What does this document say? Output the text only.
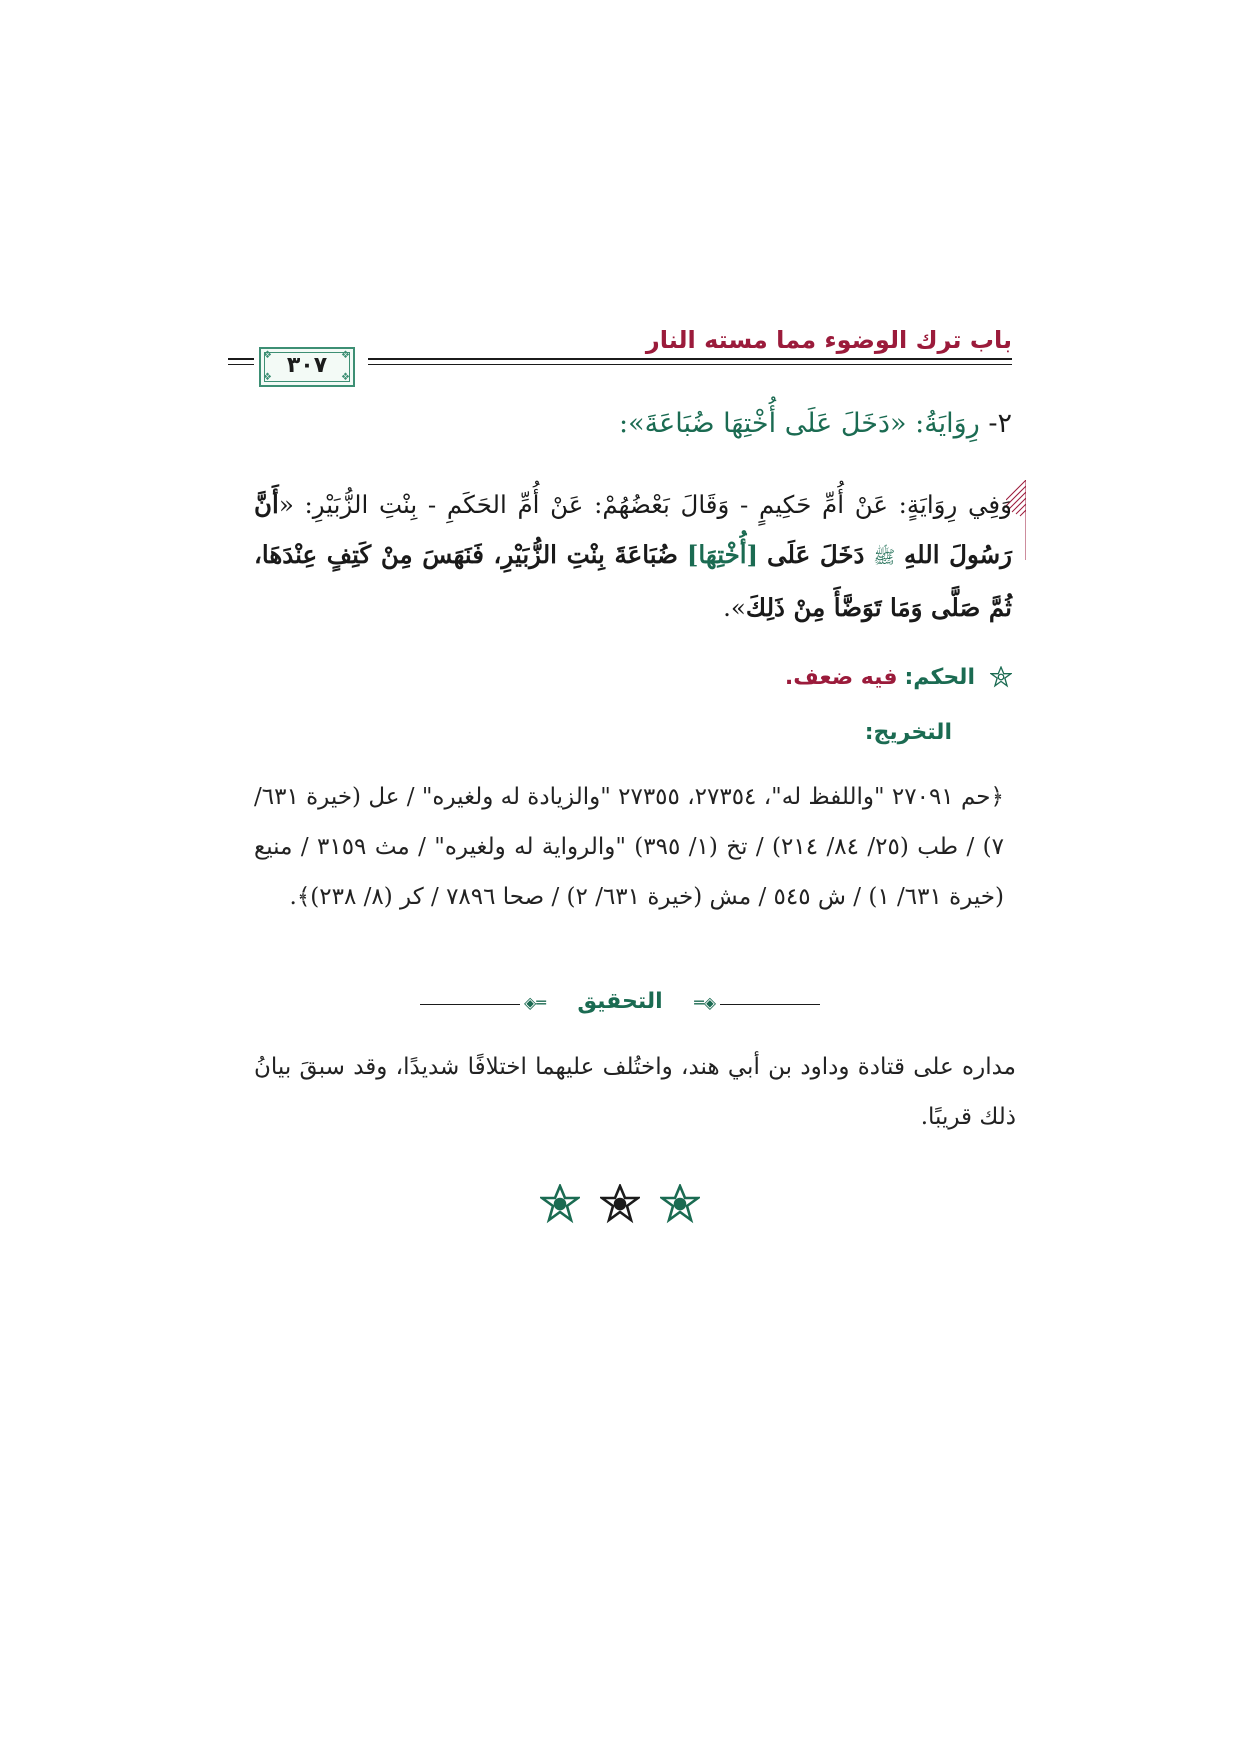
باب ترك الوضوء مما مسته النار
❖	❖
❖	❖
٣٠٧
٢- رِوَايَةُ: «دَخَلَ عَلَى أُخْتِهَا ضُبَاعَةَ»:

وَفِي رِوَايَةٍ: عَنْ أُمِّ حَكِيمٍ - وَقَالَ بَعْضُهُمْ: عَنْ أُمِّ الحَكَمِ - بِنْتِ الزُّبَيْرِ: «أَنَّ رَسُولَ اللهِ ﷺ دَخَلَ عَلَى [أُخْتِهَا] ضُبَاعَةَ بِنْتِ الزُّبَيْرِ، فَنَهَسَ مِنْ كَتِفٍ عِنْدَهَا، ثُمَّ صَلَّى وَمَا تَوَضَّأَ مِنْ ذَلِكَ».

الحكم: فيه ضعف.
التخريج:

﴿حم ٢٧٠٩١ "واللفظ له"، ٢٧٣٥٤، ٢٧٣٥٥ "والزيادة له ولغيره" / عل (خيرة ٦٣١/ ٧) / طب (٢٥/ ٨٤/ ٢١٤) / تخ (١/ ٣٩٥) "والرواية له ولغيره" / مث ٣١٥٩ / منيع (خيرة ٦٣١/ ١) / ش ٥٤٥ / مش (خيرة ٦٣١/ ٢) / صحا ٧٨٩٦ / كر (٨/ ٢٣٨)﴾.

◈═	التحقيق	═◈

مداره على قتادة وداود بن أبي هند، واختُلف عليهما اختلافًا شديدًا، وقد سبقَ بيانُ ذلك قريبًا.
